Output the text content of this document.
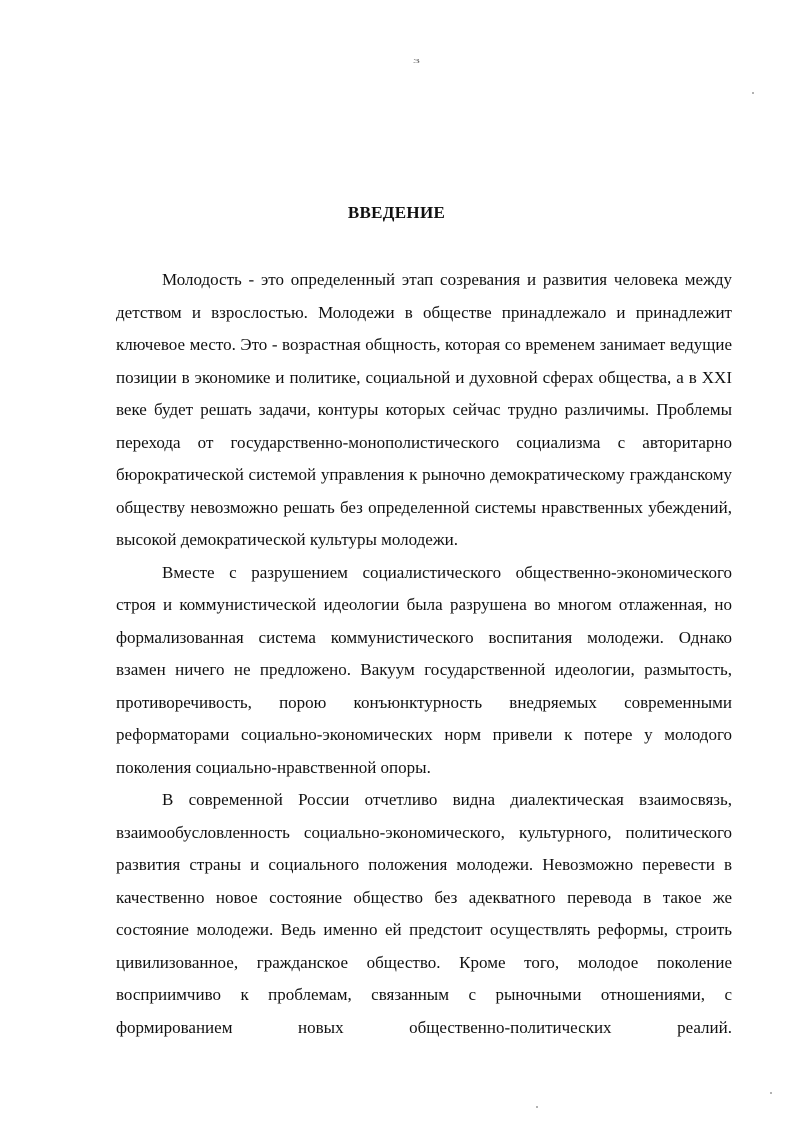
3
ВВЕДЕНИЕ

Молодость - это определенный этап созревания и развития человека между детством и взрослостью. Молодежи в обществе принадлежало и принадлежит ключевое место. Это - возрастная общность, которая со временем занимает ведущие позиции в экономике и политике, социальной и духовной сферах общества, а в XXI веке будет решать задачи, контуры которых сейчас трудно различимы. Проблемы перехода от государственно-монополистического социализма с авторитарно бюрократической системой управления к рыночно демократическому гражданскому обществу невозможно решать без определенной системы нравственных убеждений, высокой демократической культуры молодежи.

Вместе с разрушением социалистического общественно-экономического строя и коммунистической идеологии была разрушена во многом отлаженная, но формализованная система коммунистического воспитания молодежи. Однако взамен ничего не предложено. Вакуум государственной идеологии, размытость, противоречивость, порою конъюнктурность внедряемых современными реформаторами социально-экономических норм привели к потере у молодого поколения социально-нравственной опоры.

В современной России отчетливо видна диалектическая взаимосвязь, взаимообусловленность социально-экономического, культурного, политического развития страны и социального положения молодежи. Невозможно перевести в качественно новое состояние общество без адекватного перевода в такое же состояние молодежи. Ведь именно ей предстоит осуществлять реформы, строить цивилизованное, гражданское общество. Кроме того, молодое поколение восприимчиво к проблемам, связанным с рыночными отношениями, с формированием новых общественно-политических реалий.
